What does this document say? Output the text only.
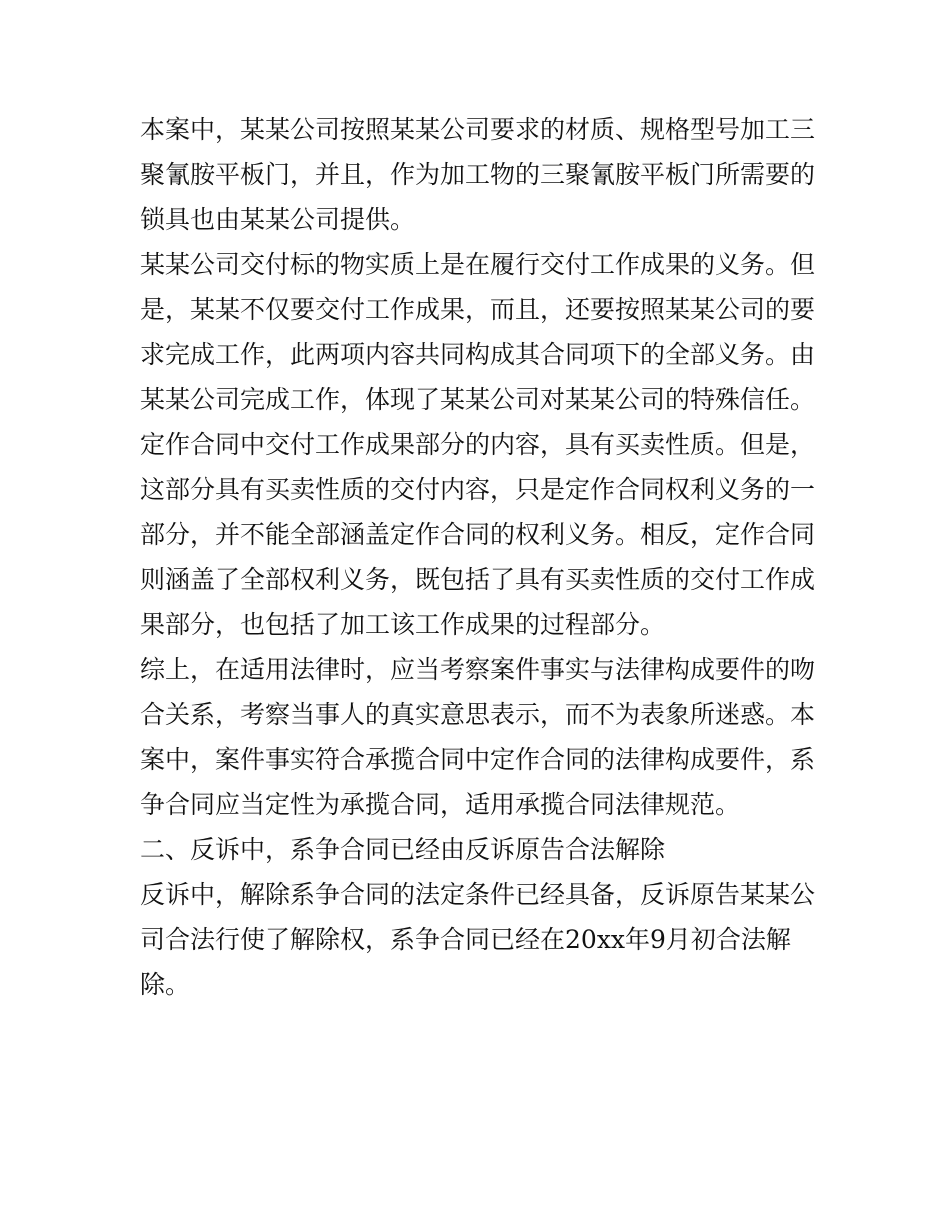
本案中，某某公司按照某某公司要求的材质、规格型号加工三
聚氰胺平板门，并且，作为加工物的三聚氰胺平板门所需要的
锁具也由某某公司提供。
某某公司交付标的物实质上是在履行交付工作成果的义务。但
是，某某不仅要交付工作成果，而且，还要按照某某公司的要
求完成工作，此两项内容共同构成其合同项下的全部义务。由
某某公司完成工作，体现了某某公司对某某公司的特殊信任。
定作合同中交付工作成果部分的内容，具有买卖性质。但是，
这部分具有买卖性质的交付内容，只是定作合同权利义务的一
部分，并不能全部涵盖定作合同的权利义务。相反，定作合同
则涵盖了全部权利义务，既包括了具有买卖性质的交付工作成
果部分，也包括了加工该工作成果的过程部分。
综上，在适用法律时，应当考察案件事实与法律构成要件的吻
合关系，考察当事人的真实意思表示，而不为表象所迷惑。本
案中，案件事实符合承揽合同中定作合同的法律构成要件，系
争合同应当定性为承揽合同，适用承揽合同法律规范。
二、反诉中，系争合同已经由反诉原告合法解除
反诉中，解除系争合同的法定条件已经具备，反诉原告某某公
司合法行使了解除权，系争合同已经在20xx年9月初合法解
除。
